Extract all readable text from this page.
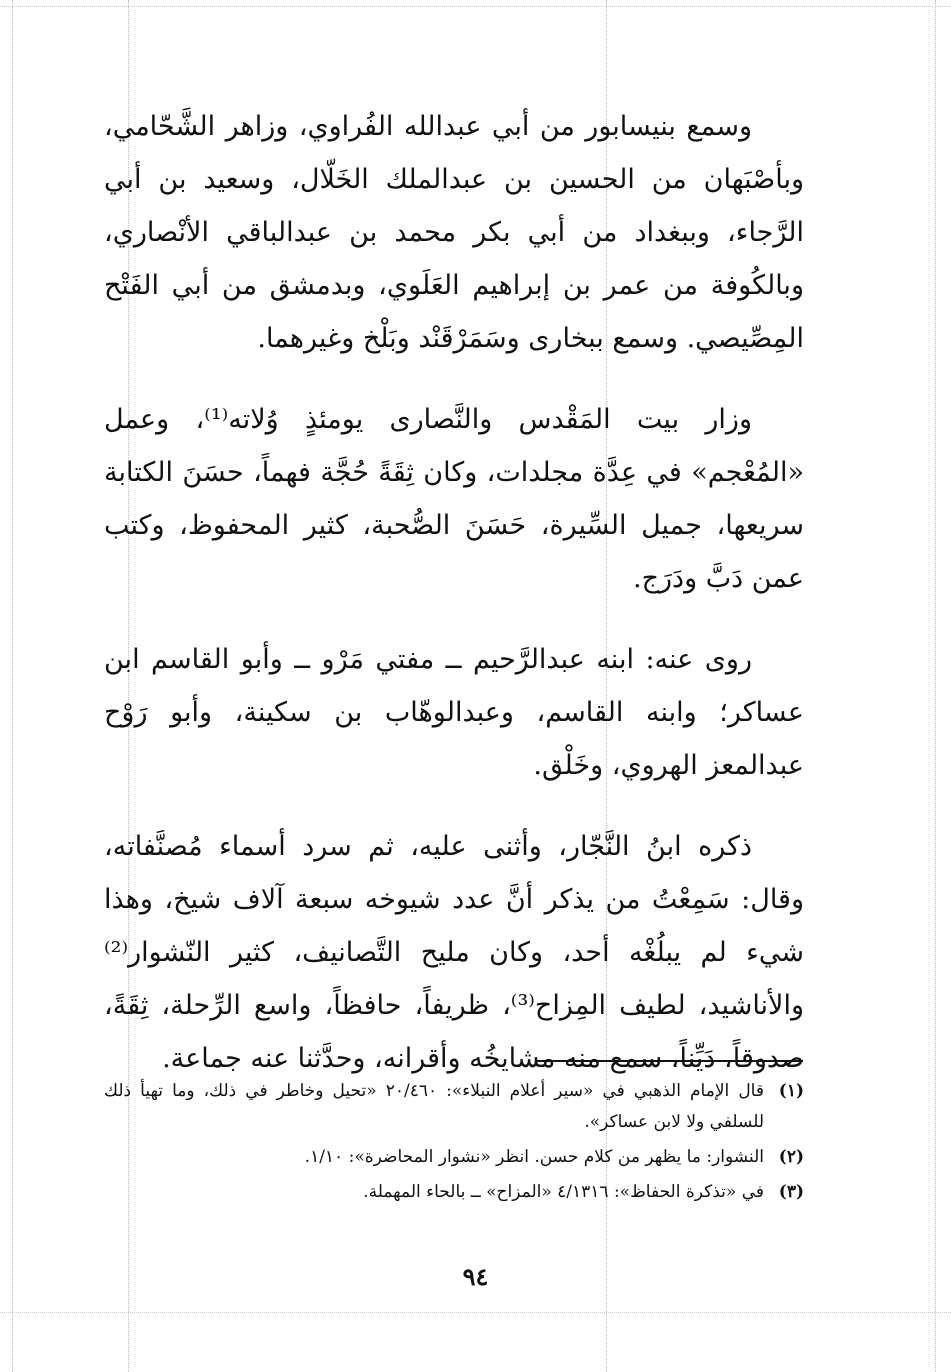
وسمع بنيسابور من أبي عبدالله الفُراوي، وزاهر الشَّحّامي، وبأصْبَهان من الحسين بن عبدالملك الخَلّال، وسعيد بن أبي الرَّجاء، وببغداد من أبي بكر محمد بن عبدالباقي الأنْصاري، وبالكُوفة من عمر بن إبراهيم العَلَوي، وبدمشق من أبي الفَتْح المِصِّيصي. وسمع ببخارى وسَمَرْقَنْد وبَلْخ وغيرهما.

وزار بيت المَقْدس والنَّصارى يومئذٍ وُلاته⁽¹⁾، وعمل «المُعْجم» في عِدَّة مجلدات، وكان ثِقَةً حُجَّة فهماً، حسَنَ الكتابة سريعها، جميل السِّيرة، حَسَنَ الصُّحبة، كثير المحفوظ، وكتب عمن دَبَّ ودَرَج.

روى عنه: ابنه عبدالرَّحيم ــ مفتي مَرْو ــ وأبو القاسم ابن عساكر؛ وابنه القاسم، وعبدالوهّاب بن سكينة، وأبو رَوْح عبدالمعز الهروي، وخَلْق.

ذكره ابنُ النَّجّار، وأثنى عليه، ثم سرد أسماء مُصنَّفاته، وقال: سَمِعْتُ من يذكر أنَّ عدد شيوخه سبعة آلاف شيخ، وهذا شيء لم يبلُغْه أحد، وكان مليح التَّصانيف، كثير النّشوار⁽²⁾ والأناشيد، لطيف المِزاح⁽³⁾، ظريفاً، حافظاً، واسع الرِّحلة، ثِقَةً، صدوقاً، دَيِّناً، سمع منه مشايخُه وأقرانه، وحدَّثنا عنه جماعة.

(١)
قال الإمام الذهبي في «سير أعلام النبلاء»: ٢٠/٤٦٠ «تحيل وخاطر في ذلك، وما تهيأ ذلك للسلفي ولا لابن عساكر».

(٢)
النشوار: ما يظهر من كلام حسن. انظر «نشوار المحاضرة»: ١/١٠.

(٣)
في «تذكرة الحفاظ»: ٤/١٣١٦ «المزاح» ــ بالحاء المهملة.

٩٤
